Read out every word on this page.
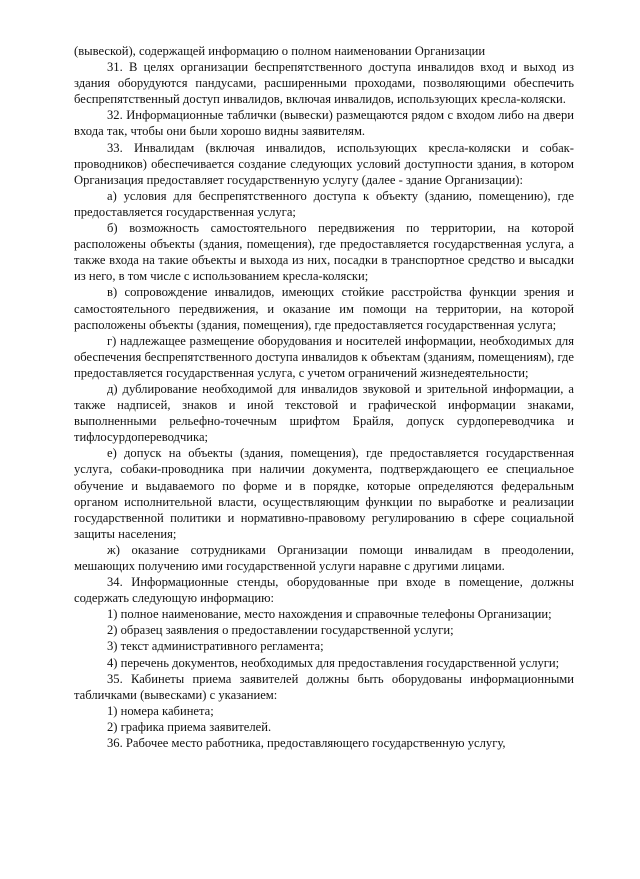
(вывеской), содержащей информацию о полном наименовании Организации

31. В целях организации беспрепятственного доступа инвалидов вход и выход из здания оборудуются пандусами, расширенными проходами, позволяющими обеспечить беспрепятственный доступ инвалидов, включая инвалидов, использующих кресла-коляски.

32. Информационные таблички (вывески) размещаются рядом с входом либо на двери входа так, чтобы они были хорошо видны заявителям.

33. Инвалидам (включая инвалидов, использующих кресла-коляски и собак-проводников) обеспечивается создание следующих условий доступности здания, в котором Организация предоставляет государственную услугу (далее - здание Организации):

а) условия для беспрепятственного доступа к объекту (зданию, помещению), где предоставляется государственная услуга;

б) возможность самостоятельного передвижения по территории, на которой расположены объекты (здания, помещения), где предоставляется государственная услуга, а также входа на такие объекты и выхода из них, посадки в транспортное средство и высадки из него, в том числе с использованием кресла-коляски;

в) сопровождение инвалидов, имеющих стойкие расстройства функции зрения и самостоятельного передвижения, и оказание им помощи на территории, на которой расположены объекты (здания, помещения), где предоставляется государственная услуга;

г) надлежащее размещение оборудования и носителей информации, необходимых для обеспечения беспрепятственного доступа инвалидов к объектам (зданиям, помещениям), где предоставляется государственная услуга, с учетом ограничений жизнедеятельности;

д) дублирование необходимой для инвалидов звуковой и зрительной информации, а также надписей, знаков и иной текстовой и графической информации знаками, выполненными рельефно-точечным шрифтом Брайля, допуск сурдопереводчика и тифлосурдопереводчика;

е) допуск на объекты (здания, помещения), где предоставляется государственная услуга, собаки-проводника при наличии документа, подтверждающего ее специальное обучение и выдаваемого по форме и в порядке, которые определяются федеральным органом исполнительной власти, осуществляющим функции по выработке и реализации государственной политики и нормативно-правовому регулированию в сфере социальной защиты населения;

ж) оказание сотрудниками Организации помощи инвалидам в преодолении, мешающих получению ими государственной услуги наравне с другими лицами.

34. Информационные стенды, оборудованные при входе в помещение, должны содержать следующую информацию:

1) полное наименование, место нахождения и справочные телефоны Организации;

2) образец заявления о предоставлении государственной услуги;

3) текст административного регламента;

4) перечень документов, необходимых для предоставления государственной услуги;

35. Кабинеты приема заявителей должны быть оборудованы информационными табличками (вывесками) с указанием:

1) номера кабинета;

2) графика приема заявителей.

36. Рабочее место работника, предоставляющего государственную услугу,
